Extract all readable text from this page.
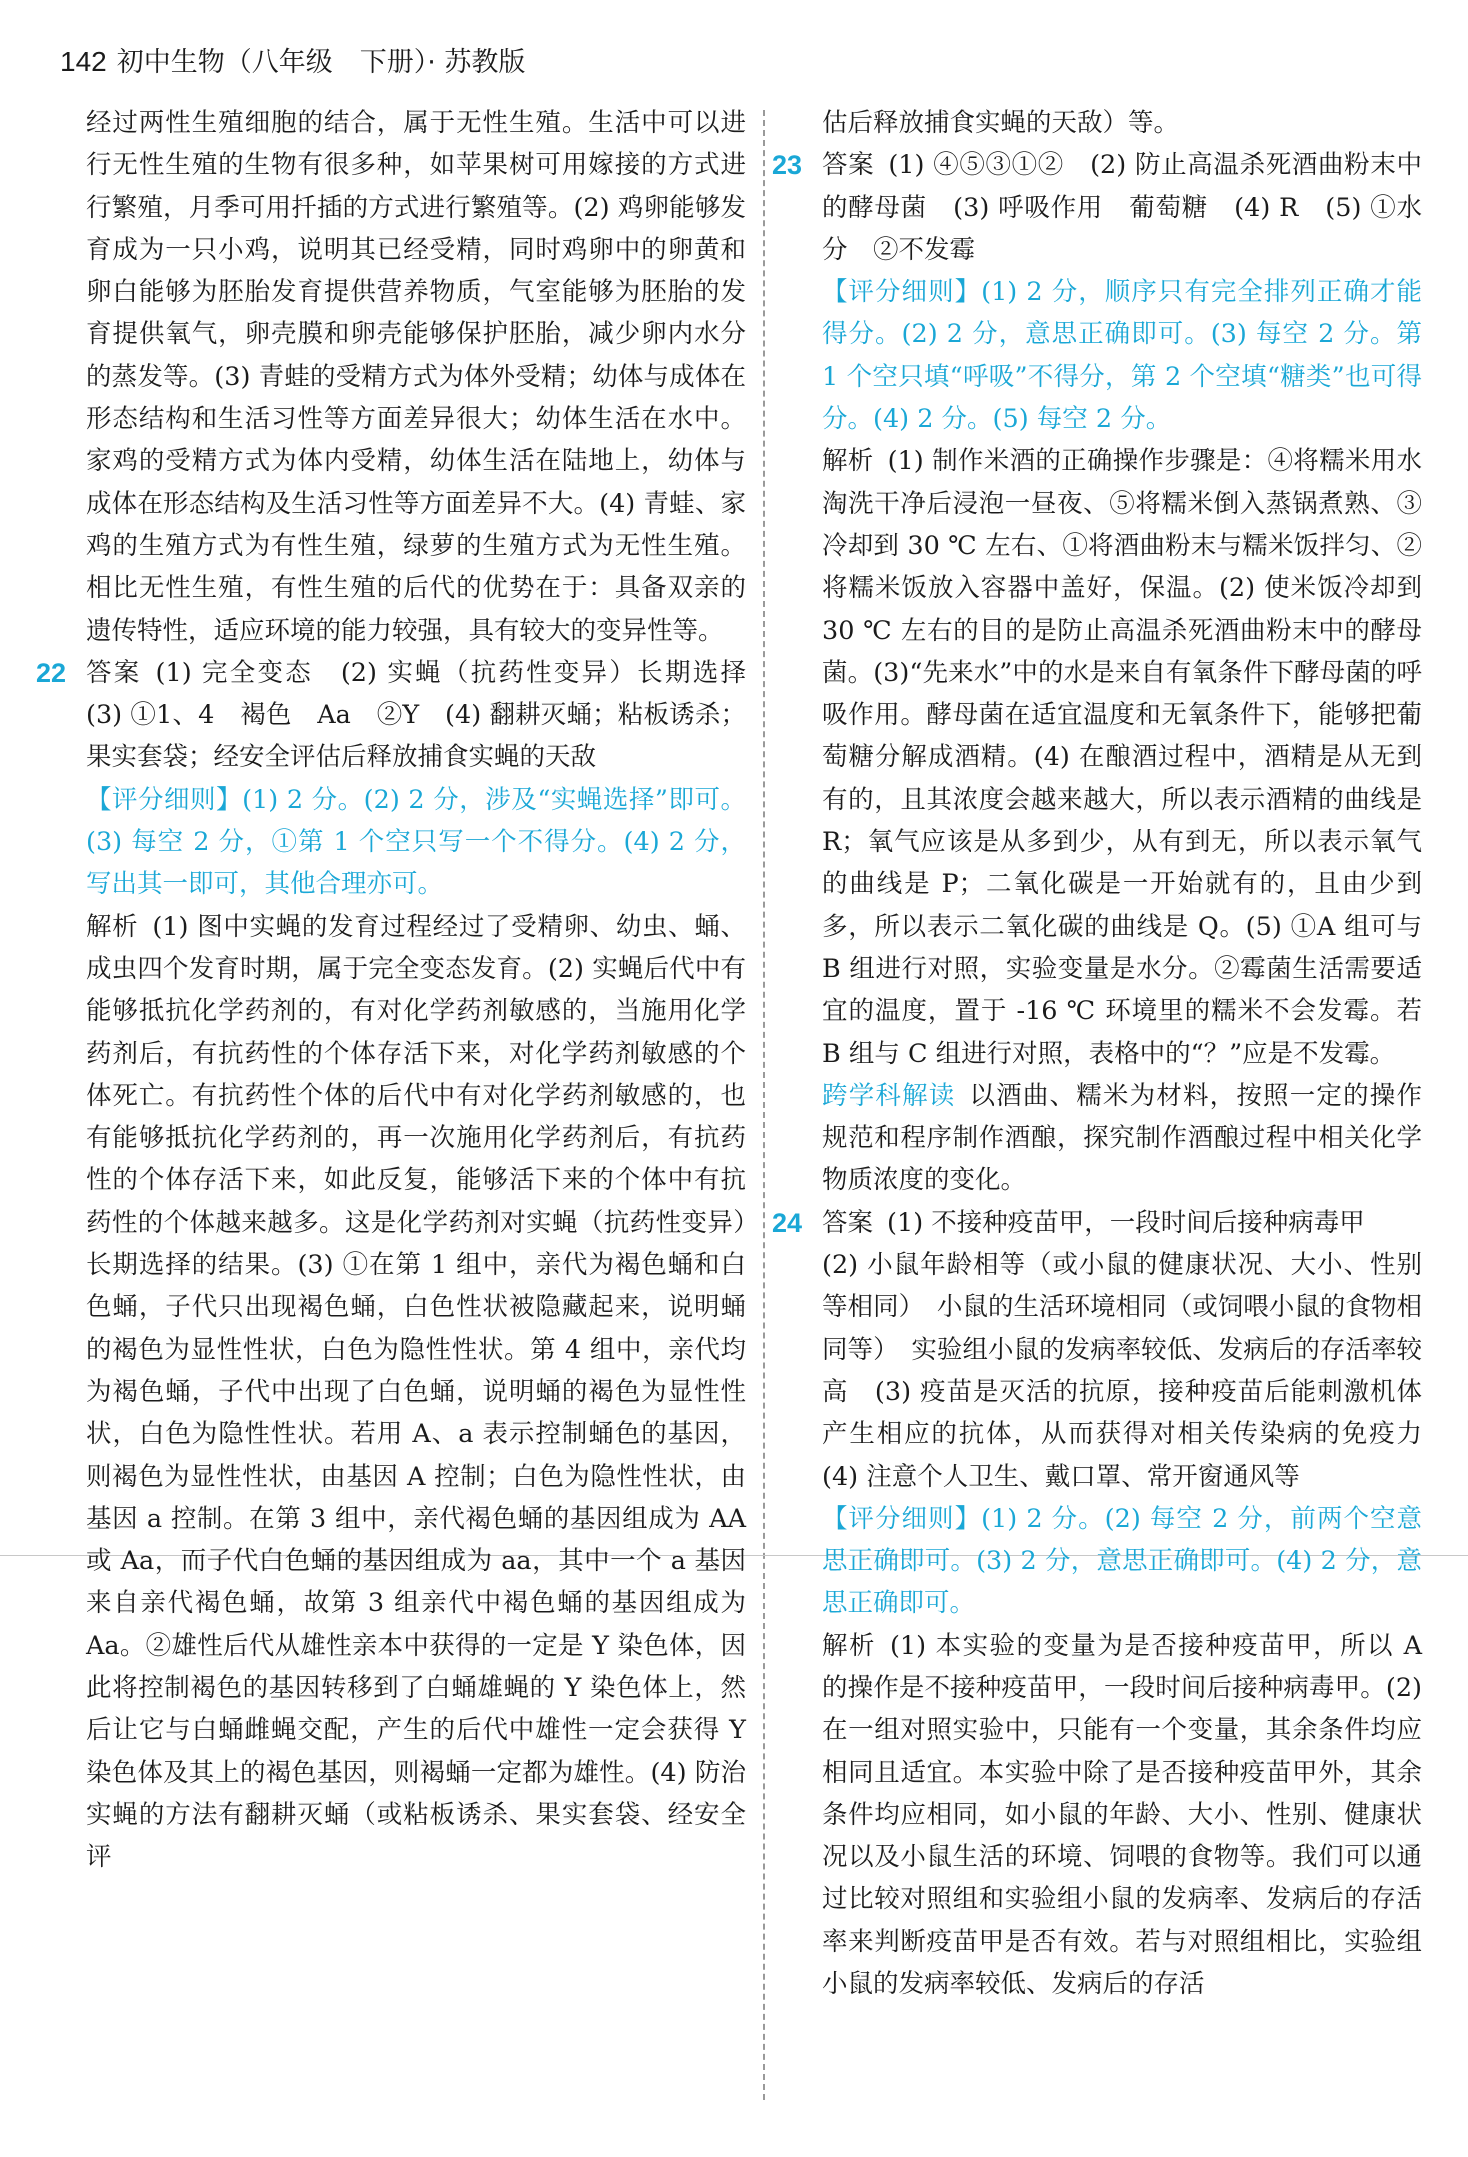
142 初中生物（八年级　下册）· 苏教版

经过两性生殖细胞的结合，属于无性生殖。生活中可以进行无性生殖的生物有很多种，如苹果树可用嫁接的方式进行繁殖，月季可用扦插的方式进行繁殖等。(2) 鸡卵能够发育成为一只小鸡，说明其已经受精，同时鸡卵中的卵黄和卵白能够为胚胎发育提供营养物质，气室能够为胚胎的发育提供氧气，卵壳膜和卵壳能够保护胚胎，减少卵内水分的蒸发等。(3) 青蛙的受精方式为体外受精；幼体与成体在形态结构和生活习性等方面差异很大；幼体生活在水中。家鸡的受精方式为体内受精，幼体生活在陆地上，幼体与成体在形态结构及生活习性等方面差异不大。(4) 青蛙、家鸡的生殖方式为有性生殖，绿萝的生殖方式为无性生殖。相比无性生殖，有性生殖的后代的优势在于：具备双亲的遗传特性，适应环境的能力较强，具有较大的变异性等。

22 答案 (1) 完全变态　(2) 实蝇（抗药性变异）长期选择　(3) ①1、4　褐色　Aa　②Y　(4) 翻耕灭蛹；粘板诱杀；果实套袋；经安全评估后释放捕食实蝇的天敌

【评分细则】(1) 2 分。(2) 2 分，涉及“实蝇选择”即可。(3) 每空 2 分，①第 1 个空只写一个不得分。(4) 2 分，写出其一即可，其他合理亦可。

解析 (1) 图中实蝇的发育过程经过了受精卵、幼虫、蛹、成虫四个发育时期，属于完全变态发育。(2) 实蝇后代中有能够抵抗化学药剂的，有对化学药剂敏感的，当施用化学药剂后，有抗药性的个体存活下来，对化学药剂敏感的个体死亡。有抗药性个体的后代中有对化学药剂敏感的，也有能够抵抗化学药剂的，再一次施用化学药剂后，有抗药性的个体存活下来，如此反复，能够活下来的个体中有抗药性的个体越来越多。这是化学药剂对实蝇（抗药性变异）长期选择的结果。(3) ①在第 1 组中，亲代为褐色蛹和白色蛹，子代只出现褐色蛹，白色性状被隐藏起来，说明蛹的褐色为显性性状，白色为隐性性状。第 4 组中，亲代均为褐色蛹，子代中出现了白色蛹，说明蛹的褐色为显性性状，白色为隐性性状。若用 A、a 表示控制蛹色的基因，则褐色为显性性状，由基因 A 控制；白色为隐性性状，由基因 a 控制。在第 3 组中，亲代褐色蛹的基因组成为 AA 或 Aa，而子代白色蛹的基因组成为 aa，其中一个 a 基因来自亲代褐色蛹，故第 3 组亲代中褐色蛹的基因组成为 Aa。②雄性后代从雄性亲本中获得的一定是 Y 染色体，因此将控制褐色的基因转移到了白蛹雄蝇的 Y 染色体上，然后让它与白蛹雌蝇交配，产生的后代中雄性一定会获得 Y 染色体及其上的褐色基因，则褐蛹一定都为雄性。(4) 防治实蝇的方法有翻耕灭蛹（或粘板诱杀、果实套袋、经安全评

估后释放捕食实蝇的天敌）等。

23 答案 (1) ④⑤③①②　(2) 防止高温杀死酒曲粉末中的酵母菌　(3) 呼吸作用　葡萄糖　(4) R　(5) ①水分　②不发霉

【评分细则】(1) 2 分，顺序只有完全排列正确才能得分。(2) 2 分，意思正确即可。(3) 每空 2 分。第 1 个空只填“呼吸”不得分，第 2 个空填“糖类”也可得分。(4) 2 分。(5) 每空 2 分。

解析 (1) 制作米酒的正确操作步骤是：④将糯米用水淘洗干净后浸泡一昼夜、⑤将糯米倒入蒸锅煮熟、③冷却到 30 ℃ 左右、①将酒曲粉末与糯米饭拌匀、②将糯米饭放入容器中盖好，保温。(2) 使米饭冷却到 30 ℃ 左右的目的是防止高温杀死酒曲粉末中的酵母菌。(3)“先来水”中的水是来自有氧条件下酵母菌的呼吸作用。酵母菌在适宜温度和无氧条件下，能够把葡萄糖分解成酒精。(4) 在酿酒过程中，酒精是从无到有的，且其浓度会越来越大，所以表示酒精的曲线是 R；氧气应该是从多到少，从有到无，所以表示氧气的曲线是 P；二氧化碳是一开始就有的，且由少到多，所以表示二氧化碳的曲线是 Q。(5) ①A 组可与 B 组进行对照，实验变量是水分。②霉菌生活需要适宜的温度，置于 -16 ℃ 环境里的糯米不会发霉。若 B 组与 C 组进行对照，表格中的“？”应是不发霉。

跨学科解读 以酒曲、糯米为材料，按照一定的操作规范和程序制作酒酿，探究制作酒酿过程中相关化学物质浓度的变化。

24 答案 (1) 不接种疫苗甲，一段时间后接种病毒甲

(2) 小鼠年龄相等（或小鼠的健康状况、大小、性别等相同）　小鼠的生活环境相同（或饲喂小鼠的食物相同等）　实验组小鼠的发病率较低、发病后的存活率较高　(3) 疫苗是灭活的抗原，接种疫苗后能刺激机体产生相应的抗体，从而获得对相关传染病的免疫力　(4) 注意个人卫生、戴口罩、常开窗通风等

【评分细则】(1) 2 分。(2) 每空 2 分，前两个空意思正确即可。(3) 2 分，意思正确即可。(4) 2 分，意思正确即可。

解析 (1) 本实验的变量为是否接种疫苗甲，所以 A 的操作是不接种疫苗甲，一段时间后接种病毒甲。(2) 在一组对照实验中，只能有一个变量，其余条件均应相同且适宜。本实验中除了是否接种疫苗甲外，其余条件均应相同，如小鼠的年龄、大小、性别、健康状况以及小鼠生活的环境、饲喂的食物等。我们可以通过比较对照组和实验组小鼠的发病率、发病后的存活率来判断疫苗甲是否有效。若与对照组相比，实验组小鼠的发病率较低、发病后的存活
